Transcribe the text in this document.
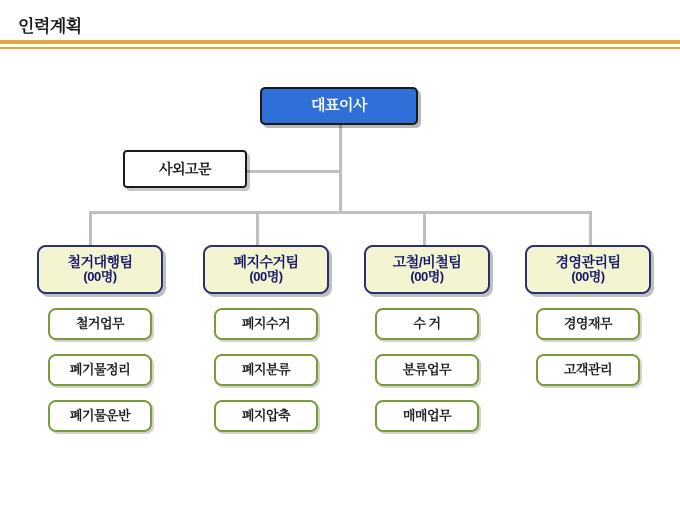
인력계획
대표이사
사외고문
철거대행팀
(00명)
철거업무
폐기물정리
폐기물운반
폐지수거팀
(00명)
폐지수거
폐지분류
폐지압축
고철/비철팀
(00명)
수 거
분류업무
매매업무
경영관리팀
(00명)
경영재무
고객관리
